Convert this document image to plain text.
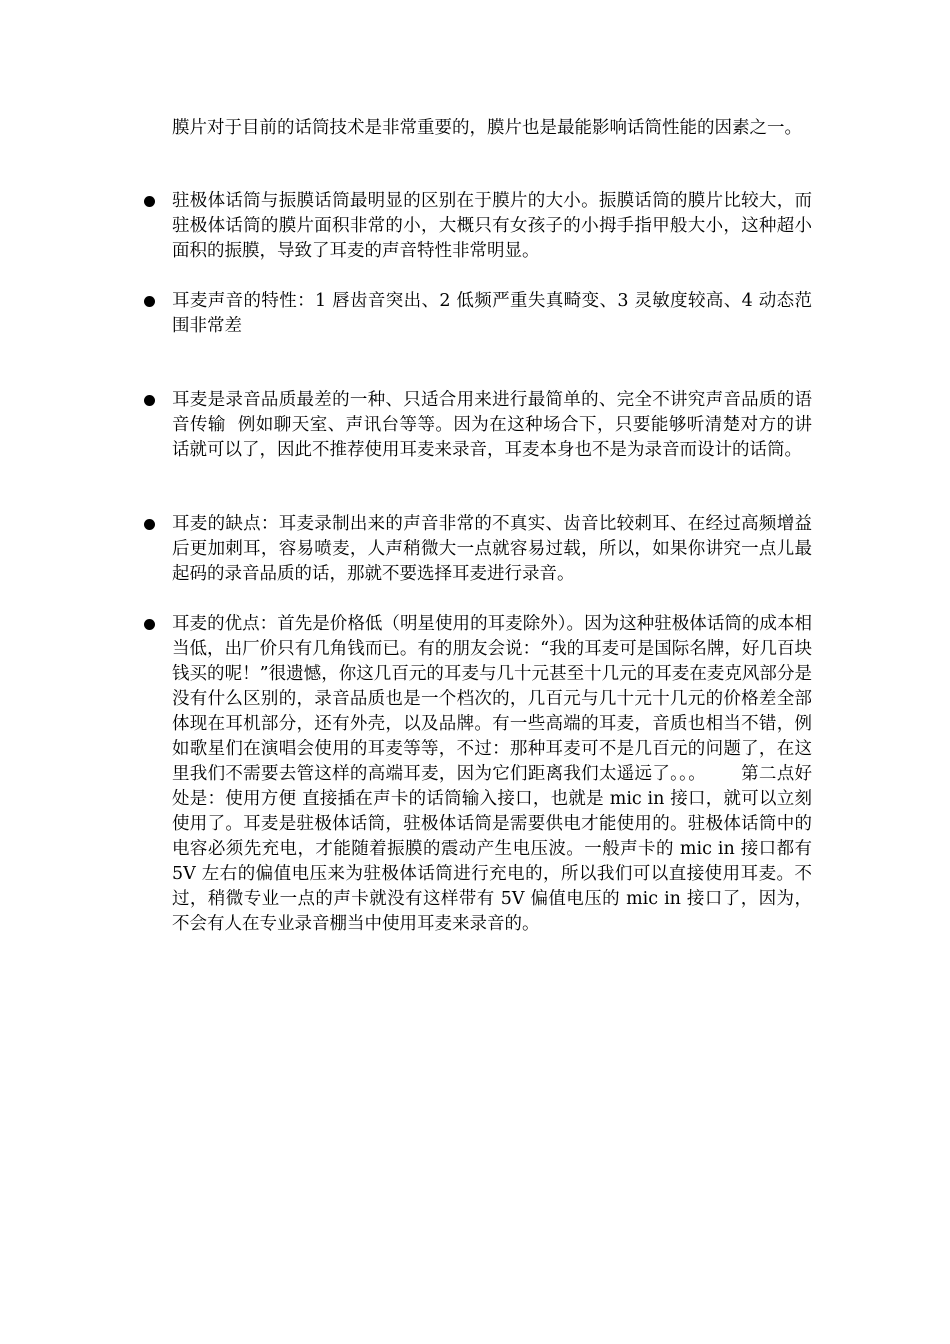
膜片对于目前的话筒技术是非常重要的，膜片也是最能影响话筒性能的因素之一。

驻极体话筒与振膜话筒最明显的区别在于膜片的大小。振膜话筒的膜片比较大，而驻极体话筒的膜片面积非常的小，大概只有女孩子的小拇手指甲般大小，这种超小面积的振膜，导致了耳麦的声音特性非常明显。

耳麦声音的特性：1 唇齿音突出、2 低频严重失真畸变、3 灵敏度较高、4 动态范围非常差

耳麦是录音品质最差的一种、只适合用来进行最简单的、完全不讲究声音品质的语音传输  例如聊天室、声讯台等等。因为在这种场合下，只要能够听清楚对方的讲话就可以了，因此不推荐使用耳麦来录音，耳麦本身也不是为录音而设计的话筒。

耳麦的缺点：耳麦录制出来的声音非常的不真实、齿音比较刺耳、在经过高频增益后更加刺耳，容易喷麦，人声稍微大一点就容易过载，所以，如果你讲究一点儿最起码的录音品质的话，那就不要选择耳麦进行录音。

耳麦的优点：首先是价格低（明星使用的耳麦除外）。因为这种驻极体话筒的成本相当低，出厂价只有几角钱而已。有的朋友会说：“我的耳麦可是国际名牌，好几百块钱买的呢！”很遗憾，你这几百元的耳麦与几十元甚至十几元的耳麦在麦克风部分是没有什么区别的，录音品质也是一个档次的，几百元与几十元十几元的价格差全部体现在耳机部分，还有外壳，以及品牌。有一些高端的耳麦，音质也相当不错，例如歌星们在演唱会使用的耳麦等等，不过：那种耳麦可不是几百元的问题了，在这里我们不需要去管这样的高端耳麦，因为它们距离我们太遥远了。。。      第二点好处是：使用方便 直接插在声卡的话筒输入接口，也就是 mic in 接口，就可以立刻使用了。耳麦是驻极体话筒，驻极体话筒是需要供电才能使用的。驻极体话筒中的电容必须先充电，才能随着振膜的震动产生电压波。一般声卡的 mic in 接口都有 5V 左右的偏值电压来为驻极体话筒进行充电的，所以我们可以直接使用耳麦。不过，稍微专业一点的声卡就没有这样带有 5V 偏值电压的 mic in 接口了，因为，不会有人在专业录音棚当中使用耳麦来录音的。
